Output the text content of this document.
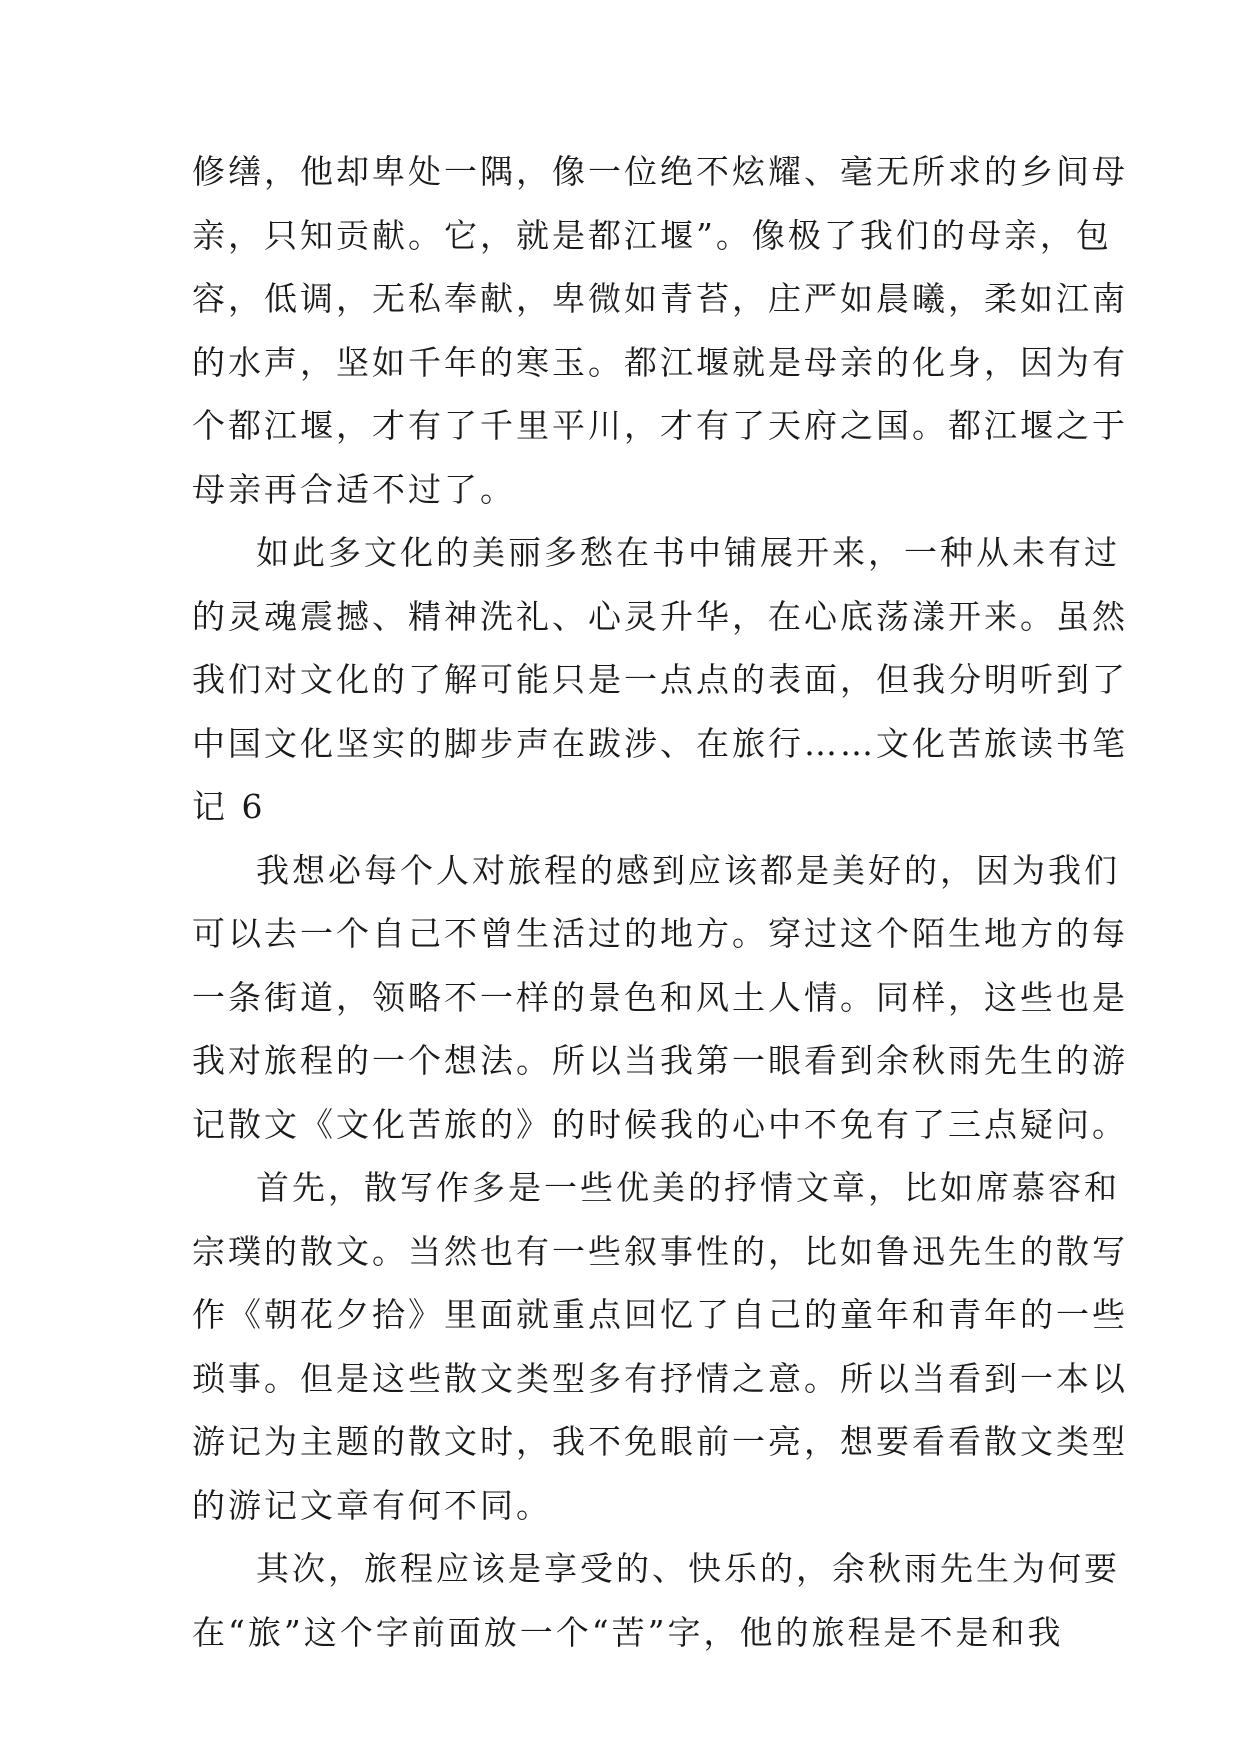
修缮，他却卑处一隅，像一位绝不炫耀、毫无所求的乡间母
亲，只知贡献。它，就是都江堰”。像极了我们的母亲，包
容，低调，无私奉献，卑微如青苔，庄严如晨曦，柔如江南
的水声，坚如千年的寒玉。都江堰就是母亲的化身，因为有
个都江堰，才有了千里平川，才有了天府之国。都江堰之于
母亲再合适不过了。
如此多文化的美丽多愁在书中铺展开来，一种从未有过
的灵魂震撼、精神洗礼、心灵升华，在心底荡漾开来。虽然
我们对文化的了解可能只是一点点的表面，但我分明听到了
中国文化坚实的脚步声在跋涉、在旅行……文化苦旅读书笔
记 6
我想必每个人对旅程的感到应该都是美好的，因为我们
可以去一个自己不曾生活过的地方。穿过这个陌生地方的每
一条街道，领略不一样的景色和风土人情。同样，这些也是
我对旅程的一个想法。所以当我第一眼看到余秋雨先生的游
记散文《文化苦旅的》的时候我的心中不免有了三点疑问。
首先，散写作多是一些优美的抒情文章，比如席慕容和
宗璞的散文。当然也有一些叙事性的，比如鲁迅先生的散写
作《朝花夕拾》里面就重点回忆了自己的童年和青年的一些
琐事。但是这些散文类型多有抒情之意。所以当看到一本以
游记为主题的散文时，我不免眼前一亮，想要看看散文类型
的游记文章有何不同。
其次，旅程应该是享受的、快乐的，余秋雨先生为何要
在“旅”这个字前面放一个“苦”字，他的旅程是不是和我
